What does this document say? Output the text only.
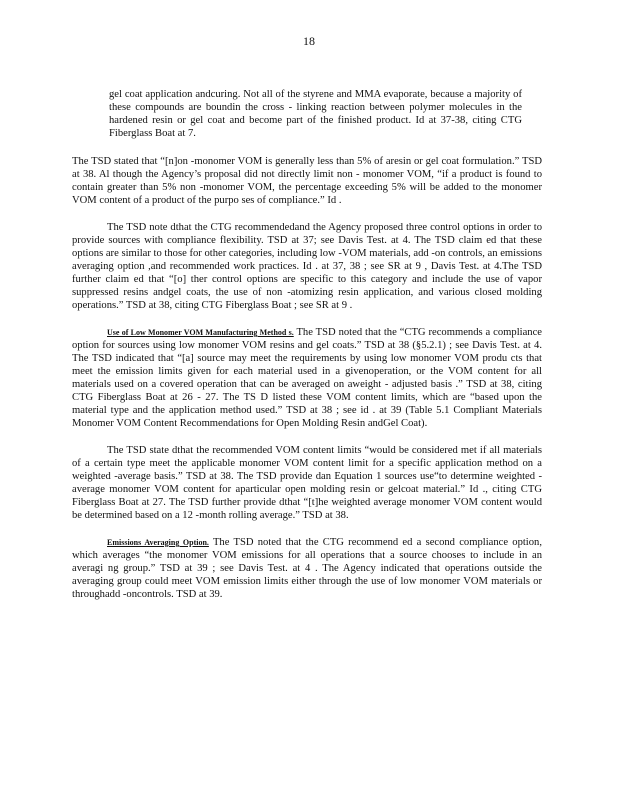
18

gel coat application andcuring. Not all of the styrene and MMA evaporate, because a majority of these compounds are boundin the cross - linking reaction between polymer molecules in the hardened resin or gel coat and become part of the finished product. Id at 37-38, citing CTG Fiberglass Boat at 7.

The TSD stated that “[n]on -monomer VOM is generally less than 5% of aresin or gel coat formulation.” TSD at 38. Al though the Agency’s proposal did not directly limit non - monomer VOM, “if a product is found to contain greater than 5% non -monomer VOM, the percentage exceeding 5% will be added to the monomer VOM content of a product of the purpo ses of compliance.” Id .

The TSD note dthat the CTG recommendedand the Agency proposed three control options in order to provide sources with compliance flexibility. TSD at 37; see Davis Test. at 4. The TSD claim ed that these options are similar to those for other categories, including low -VOM materials, add -on controls, an emissions averaging option ,and recommended work practices. Id . at 37, 38 ; see SR at 9 , Davis Test. at 4.The TSD further claim ed that “[o] ther control options are specific to this category and include the use of vapor suppressed resins andgel coats, the use of non -atomizing resin application, and various closed molding operations.” TSD at 38, citing CTG Fiberglass Boat ; see SR at 9 .

Use of Low Monomer VOM Manufacturing Method s. The TSD noted that the “CTG recommends a compliance option for sources using low monomer VOM resins and gel coats.” TSD at 38 (§5.2.1) ; see Davis Test. at 4. The TSD indicated that “[a] source may meet the requirements by using low monomer VOM produ cts that meet the emission limits given for each material used in a givenoperation, or the VOM content for all materials used on a covered operation that can be averaged on aweight - adjusted basis .” TSD at 38, citing CTG Fiberglass Boat at 26 - 27. The TS D listed these VOM content limits, which are “based upon the material type and the application method used.” TSD at 38 ; see id . at 39 (Table 5.1 Compliant Materials Monomer VOM Content Recommendations for Open Molding Resin andGel Coat).

The TSD state dthat the recommended VOM content limits “would be considered met if all materials of a certain type meet the applicable monomer VOM content limit for a specific application method on a weighted -average basis.” TSD at 38. The TSD provide dan Equation 1 sources use“to determine weighted - average monomer VOM content for aparticular open molding resin or gelcoat material.” Id ., citing CTG Fiberglass Boat at 27. The TSD further provide dthat “[t]he weighted average monomer VOM content would be determined based on a 12 -month rolling average.” TSD at 38.

Emissions Averaging Option. The TSD noted that the CTG recommend ed a second compliance option, which averages “the monomer VOM emissions for all operations that a source chooses to include in an averagi ng group.” TSD at 39 ; see Davis Test. at 4 . The Agency indicated that operations outside the averaging group could meet VOM emission limits either through the use of low monomer VOM materials or throughadd -oncontrols. TSD at 39.
